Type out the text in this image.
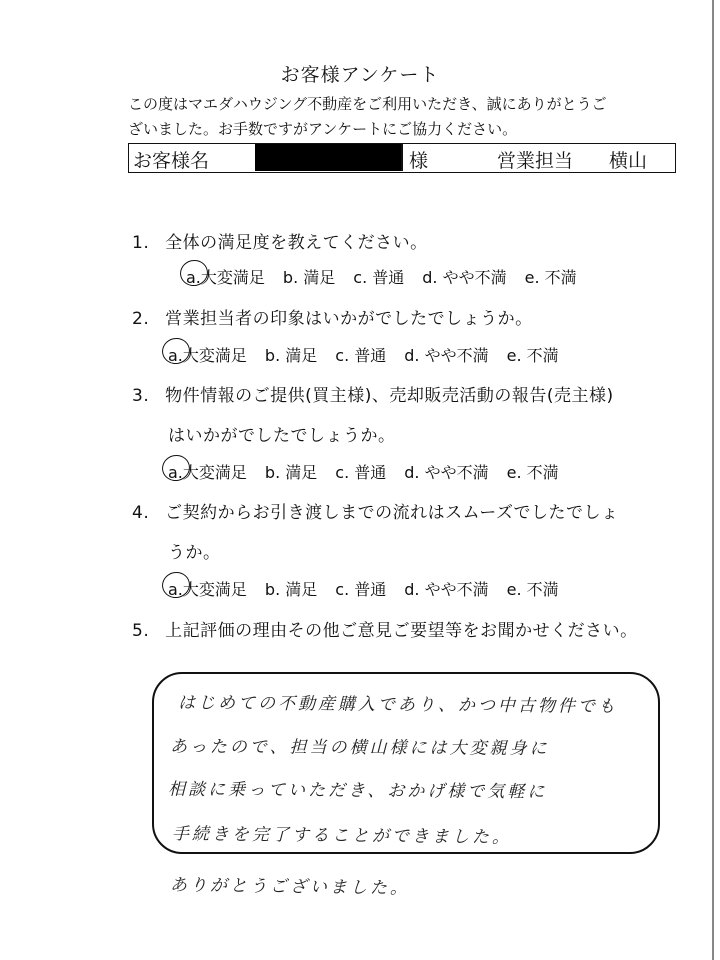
お客様アンケート
この度はマエダハウジング不動産をご利用いただき、誠にありがとうご
ざいました。お手数ですがアンケートにご協力ください。
お客様名	様	営業担当 横山
1. 全体の満足度を教えてください。
a.大変満足 b. 満足 c. 普通 d. やや不満 e. 不満
2. 営業担当者の印象はいかがでしたでしょうか。
a.大変満足 b. 満足 c. 普通 d. やや不満 e. 不満
3. 物件情報のご提供(買主様)、売却販売活動の報告(売主様)
はいかがでしたでしょうか。
a.大変満足 b. 満足 c. 普通 d. やや不満 e. 不満
4. ご契約からお引き渡しまでの流れはスムーズでしたでしょ
うか。
a.大変満足 b. 満足 c. 普通 d. やや不満 e. 不満
5. 上記評価の理由その他ご意見ご要望等をお聞かせください。
はじめての不動産購入であり、かつ中古物件でも
あったので、担当の横山様には大変親身に
相談に乗っていただき、おかげ様で気軽に
手続きを完了することができました。
ありがとうございました。
